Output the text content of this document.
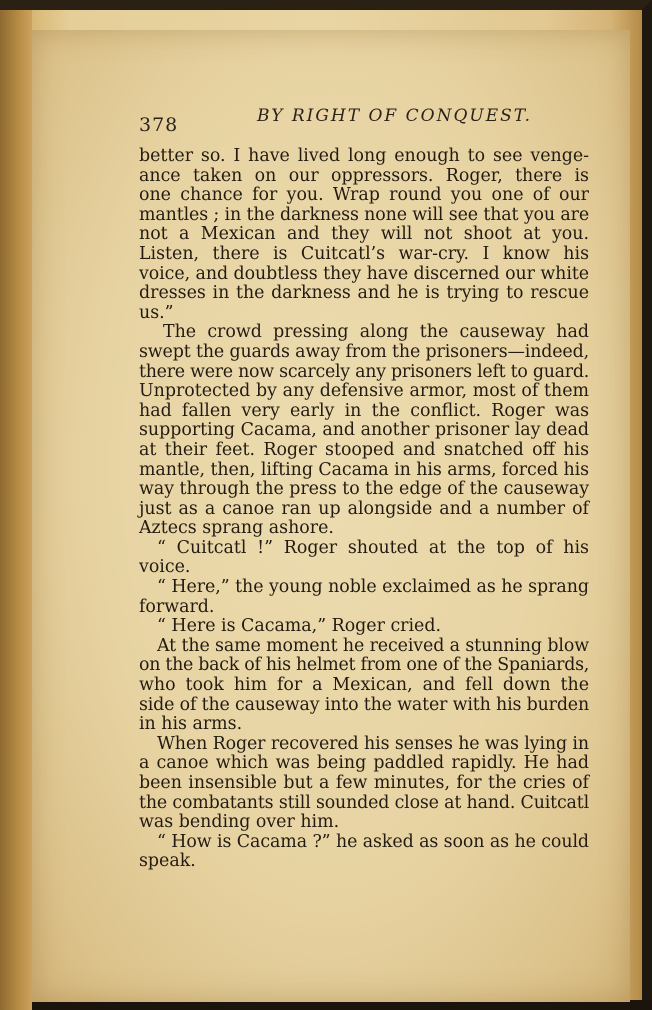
378	BY RIGHT OF CONQUEST.
better so. I have lived long enough to see venge-
ance taken on our oppressors. Roger, there is
one chance for you. Wrap round you one of our
mantles ; in the darkness none will see that you are
not a Mexican and they will not shoot at you.
Listen, there is Cuitcatl’s war-cry. I know his
voice, and doubtless they have discerned our white
dresses in the darkness and he is trying to rescue
us.”
The crowd pressing along the causeway had
swept the guards away from the prisoners—indeed,
there were now scarcely any prisoners left to guard.
Unprotected by any defensive armor, most of them
had fallen very early in the conflict. Roger was
supporting Cacama, and another prisoner lay dead
at their feet. Roger stooped and snatched off his
mantle, then, lifting Cacama in his arms, forced his
way through the press to the edge of the causeway
just as a canoe ran up alongside and a number of
Aztecs sprang ashore.
“ Cuitcatl !” Roger shouted at the top of his
voice.
“ Here,” the young noble exclaimed as he sprang
forward.
“ Here is Cacama,” Roger cried.
At the same moment he received a stunning blow
on the back of his helmet from one of the Spaniards,
who took him for a Mexican, and fell down the
side of the causeway into the water with his burden
in his arms.
When Roger recovered his senses he was lying in
a canoe which was being paddled rapidly. He had
been insensible but a few minutes, for the cries of
the combatants still sounded close at hand. Cuitcatl
was bending over him.
“ How is Cacama ?” he asked as soon as he could
speak.
